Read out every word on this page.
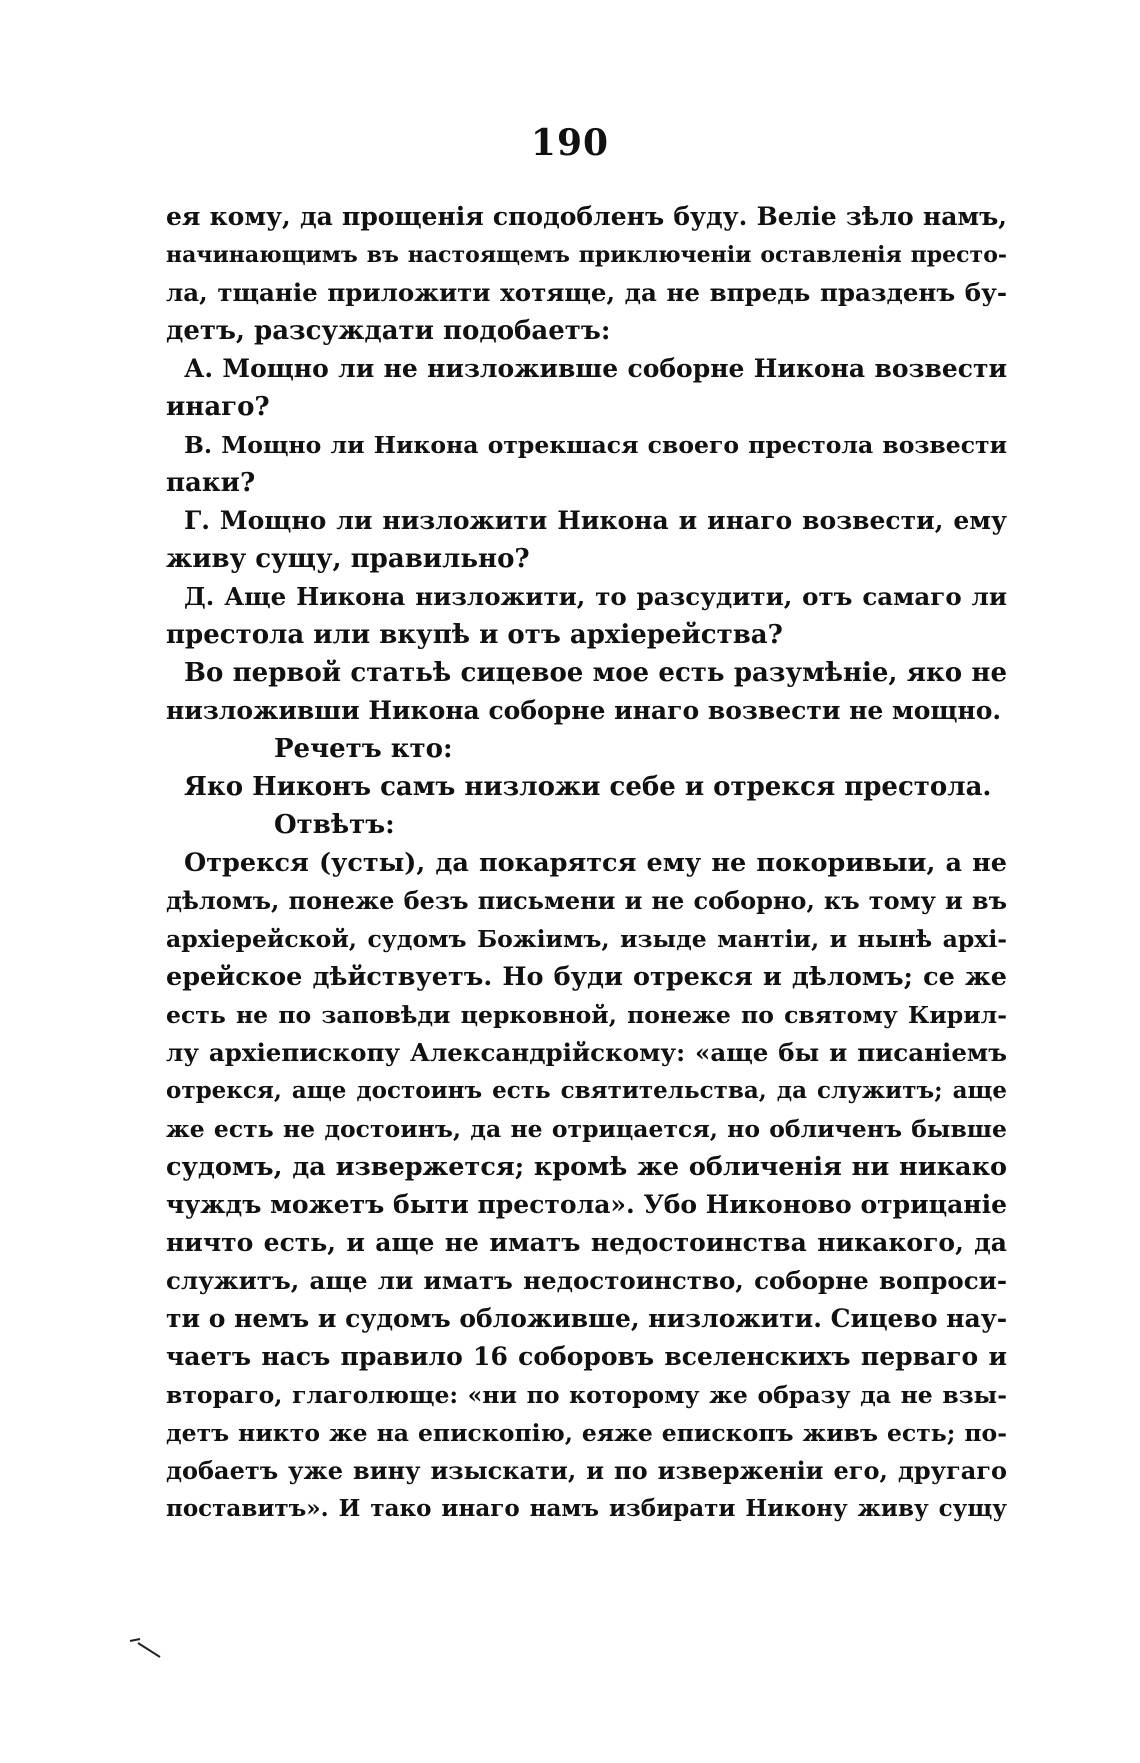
190
ея кому, да прощенія сподобленъ буду. Веліе зѣло намъ,
начинающимъ въ настоящемъ приключеніи оставленія престо-
ла, тщаніе приложити хотяще, да не впредь празденъ бу-
детъ, разсуждати подобаетъ:
А. Мощно ли не низложивше соборне Никона возвести
инаго?
В. Мощно ли Никона отрекшася своего престола возвести
паки?
Г. Мощно ли низложити Никона и инаго возвести, ему
живу сущу, правильно?
Д. Аще Никона низложити, то разсудити, отъ самаго ли
престола или вкупѣ и отъ архіерейства?
Во первой статьѣ сицевое мое есть разумѣніе, яко не
низложивши Никона соборне инаго возвести не мощно.
Речетъ кто:
Яко Никонъ самъ низложи себе и отрекся престола.
Отвѣтъ:
Отрекся (усты), да покарятся ему не покоривыи, а не
дѣломъ, понеже безъ письмени и не соборно, къ тому и въ
архіерейской, судомъ Божіимъ, изыде мантіи, и нынѣ архі-
ерейское дѣйствуетъ. Но буди отрекся и дѣломъ; се же
есть не по заповѣди церковной, понеже по святому Кирил-
лу архіепископу Александрійскому: «аще бы и писаніемъ
отрекся, аще достоинъ есть святительства, да служитъ; аще
же есть не достоинъ, да не отрицается, но обличенъ бывше
судомъ, да извержется; кромѣ же обличенія ни никако
чуждъ можетъ быти престола». Убо Никоново отрицаніе
ничто есть, и аще не иматъ недостоинства никакого, да
служитъ, аще ли иматъ недостоинство, соборне вопроси-
ти о немъ и судомъ обложивше, низложити. Сицево нау-
чаетъ насъ правило 16 соборовъ вселенскихъ перваго и
втораго, глаголюще: «ни по которому же образу да не взы-
детъ никто же на епископію, еяже епископъ живъ есть; по-
добаетъ уже вину изыскати, и по изверженіи его, другаго
поставитъ». И тако инаго намъ избирати Никону живу сущу
